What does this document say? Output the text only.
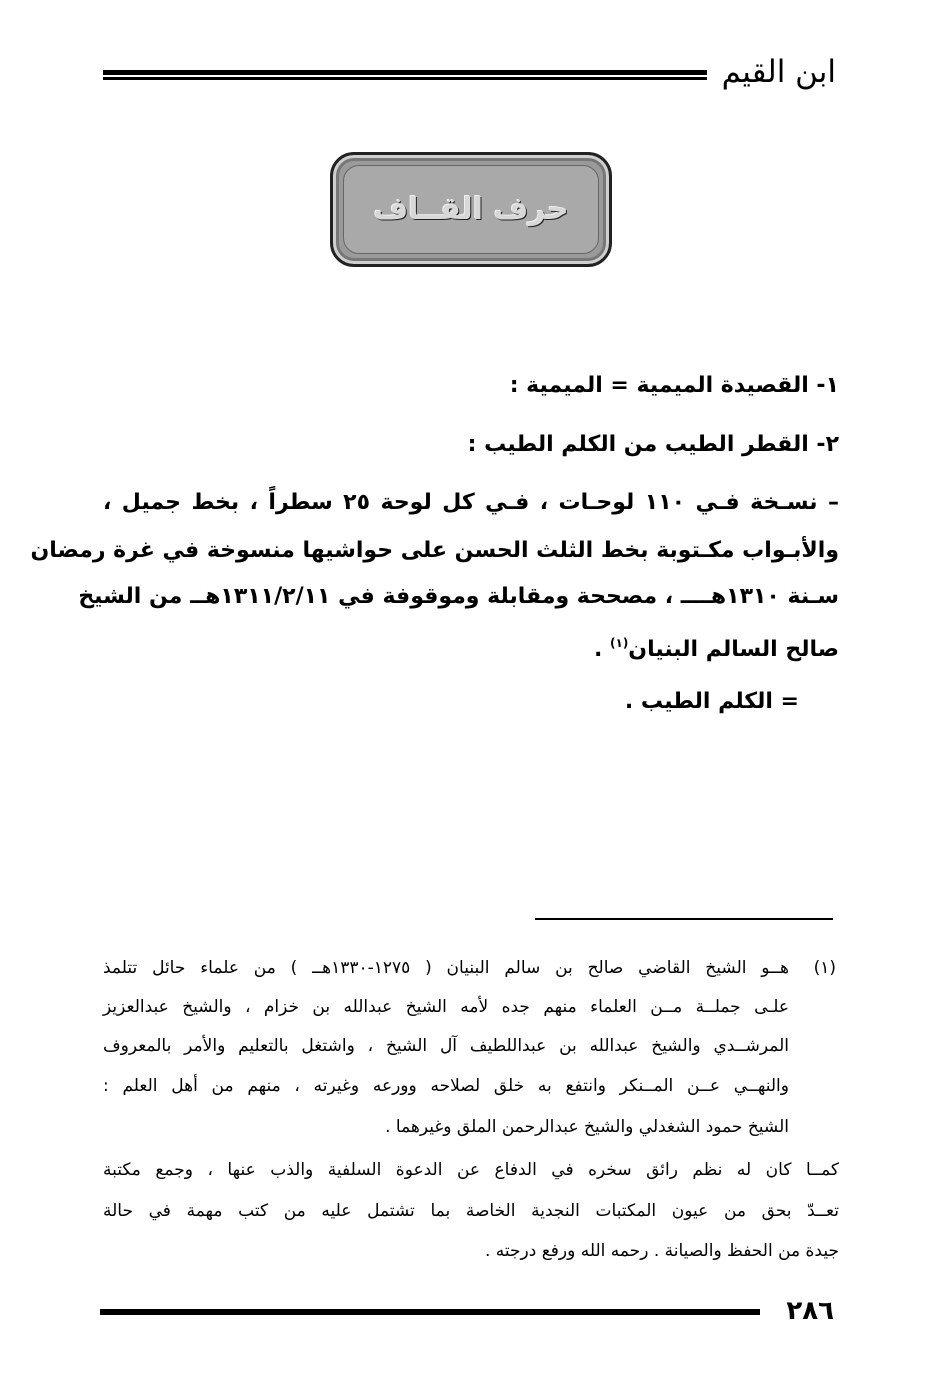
ابن القيم
حرف القــاف
١- القصيدة الميمية = الميمية :
٢- القطر الطيب من الكلم الطيب :
– نسـخة فـي ١١٠ لوحـات ، فـي كل لوحة ٢٥ سطراً ، بخط جميل ،
والأبـواب مكـتوبة بخط الثلث الحسن على حواشيها منسوخة في غرة رمضان
سـنة ١٣١٠هــــ ، مصححة ومقابلة وموقوفة في ١٣١١/٢/١١هــ من الشيخ
صالح السالم البنيان$^{(١)}$ .
= الكلم الطيب .
(١)
هــو الشيخ القاضي صالح بن سالم البنيان ( ١٢٧٥-١٣٣٠هــ ) من علماء حائل تتلمذ
علـى جملــة مــن العلماء منهم جده لأمه الشيخ عبدالله بن خزام ، والشيخ عبدالعزيز
المرشــدي والشيخ عبدالله بن عبداللطيف آل الشيخ ، واشتغل بالتعليم والأمر بالمعروف
والنهــي عــن المــنكر وانتفع به خلق لصلاحه وورعه وغيرته ، منهم من أهل العلم :
الشيخ حمود الشغدلي والشيخ عبدالرحمن الملق وغيرهما .
كمــا كان له نظم رائق سخره في الدفاع عن الدعوة السلفية والذب عنها ، وجمع مكتبة
تعــدّ بحق من عيون المكتبات النجدية الخاصة بما تشتمل عليه من كتب مهمة في حالة
جيدة من الحفظ والصيانة . رحمه الله ورفع درجته .
٢٨٦
